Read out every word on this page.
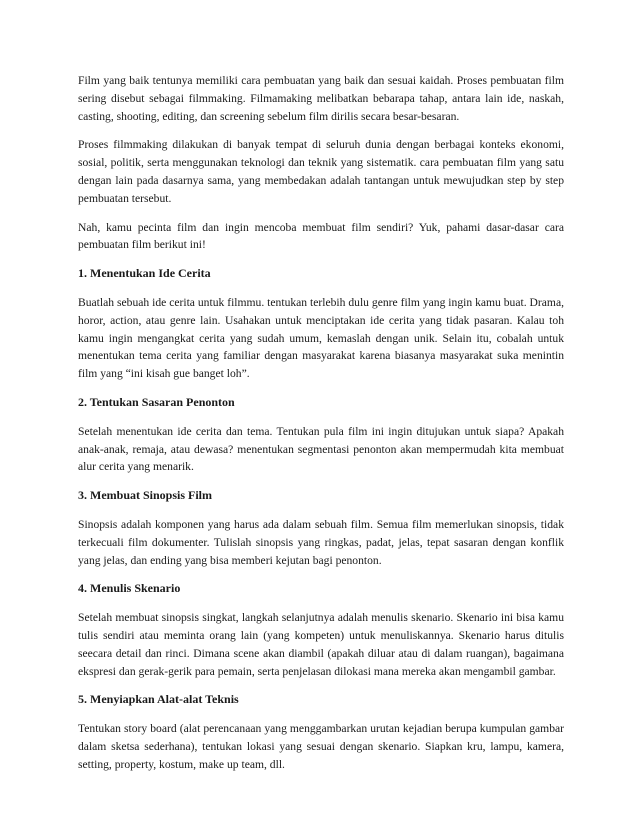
Film yang baik tentunya memiliki cara pembuatan yang baik dan sesuai kaidah. Proses pembuatan film sering disebut sebagai filmmaking. Filmamaking melibatkan bebarapa tahap, antara lain ide, naskah, casting, shooting, editing, dan screening sebelum film dirilis secara besar-besaran.

Proses filmmaking dilakukan di banyak tempat di seluruh dunia dengan berbagai konteks ekonomi, sosial, politik, serta menggunakan teknologi dan teknik yang sistematik. cara pembuatan film yang satu dengan lain pada dasarnya sama, yang membedakan adalah tantangan untuk mewujudkan step by step pembuatan tersebut.

Nah, kamu pecinta film dan ingin mencoba membuat film sendiri? Yuk, pahami dasar-dasar cara pembuatan film berikut ini!

1. Menentukan Ide Cerita

Buatlah sebuah ide cerita untuk filmmu. tentukan terlebih dulu genre film yang ingin kamu buat. Drama, horor, action, atau genre lain. Usahakan untuk menciptakan ide cerita yang tidak pasaran. Kalau toh kamu ingin mengangkat cerita yang sudah umum, kemaslah dengan unik. Selain itu, cobalah untuk menentukan tema cerita yang familiar dengan masyarakat karena biasanya masyarakat suka menintin film yang “ini kisah gue banget loh”.

2. Tentukan Sasaran Penonton

Setelah menentukan ide cerita dan tema. Tentukan pula film ini ingin ditujukan untuk siapa? Apakah anak-anak, remaja, atau dewasa? menentukan segmentasi penonton akan mempermudah kita membuat alur cerita yang menarik.

3. Membuat Sinopsis Film

Sinopsis adalah komponen yang harus ada dalam sebuah film. Semua film memerlukan sinopsis, tidak terkecuali film dokumenter. Tulislah sinopsis yang ringkas, padat, jelas, tepat sasaran dengan konflik yang jelas, dan ending yang bisa memberi kejutan bagi penonton.

4. Menulis Skenario

Setelah membuat sinopsis singkat, langkah selanjutnya adalah menulis skenario. Skenario ini bisa kamu tulis sendiri atau meminta orang lain (yang kompeten) untuk menuliskannya. Skenario harus ditulis seecara detail dan rinci. Dimana scene akan diambil (apakah diluar atau di dalam ruangan), bagaimana ekspresi dan gerak-gerik para pemain, serta penjelasan dilokasi mana mereka akan mengambil gambar.

5. Menyiapkan Alat-alat Teknis

Tentukan story board (alat perencanaan yang menggambarkan urutan kejadian berupa kumpulan gambar dalam sketsa sederhana), tentukan lokasi yang sesuai dengan skenario. Siapkan kru, lampu, kamera, setting, property, kostum, make up team, dll.
